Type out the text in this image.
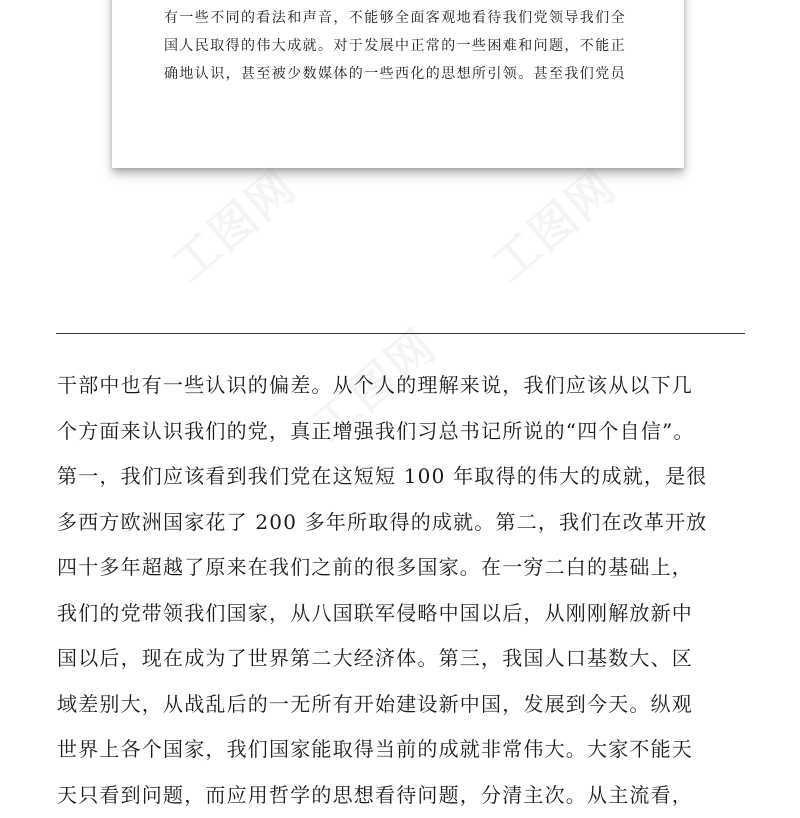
有一些不同的看法和声音，不能够全面客观地看待我们党领导我们全
国人民取得的伟大成就。对于发展中正常的一些困难和问题，不能正
确地认识，甚至被少数媒体的一些西化的思想所引领。甚至我们党员
工图网	工图网
工图网
干部中也有一些认识的偏差。从个人的理解来说，我们应该从以下几
个方面来认识我们的党，真正增强我们习总书记所说的“四个自信”。
第一，我们应该看到我们党在这短短 100 年取得的伟大的成就，是很
多西方欧洲国家花了 200 多年所取得的成就。第二，我们在改革开放
四十多年超越了原来在我们之前的很多国家。在一穷二白的基础上，
我们的党带领我们国家，从八国联军侵略中国以后，从刚刚解放新中
国以后，现在成为了世界第二大经济体。第三，我国人口基数大、区
域差别大，从战乱后的一无所有开始建设新中国，发展到今天。纵观
世界上各个国家，我们国家能取得当前的成就非常伟大。大家不能天
天只看到问题，而应用哲学的思想看待问题，分清主次。从主流看，
